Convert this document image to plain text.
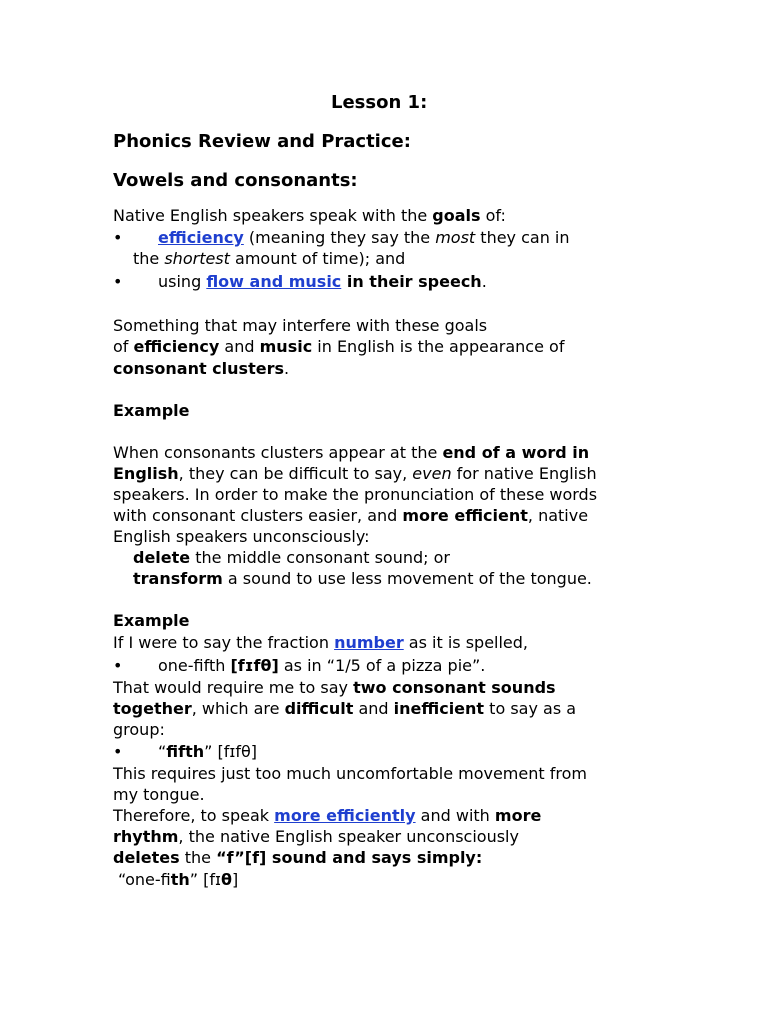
Lesson 1:
Phonics Review and Practice:
Vowels and consonants:
Native English speakers speak with the goals of:
• efficiency (meaning they say the most they can in
the shortest amount of time); and
• using flow and music in their speech.
Something that may interfere with these goals
of efficiency and music in English is the appearance of
consonant clusters.
Example
When consonants clusters appear at the end of a word in
English, they can be difficult to say, even for native English
speakers. In order to make the pronunciation of these words
with consonant clusters easier, and more efficient, native
English speakers unconsciously:
delete the middle consonant sound; or
transform a sound to use less movement of the tongue.
Example
If I were to say the fraction number as it is spelled,
• one-fifth [fɪfθ] as in “1/5 of a pizza pie”.
That would require me to say two consonant sounds
together, which are difficult and inefficient to say as a
group:
• “fifth” [fɪfθ]
This requires just too much uncomfortable movement from
my tongue.
Therefore, to speak more efficiently and with more
rhythm, the native English speaker unconsciously
deletes the “f”[f] sound and says simply:
“one-fith” [fɪθ]
